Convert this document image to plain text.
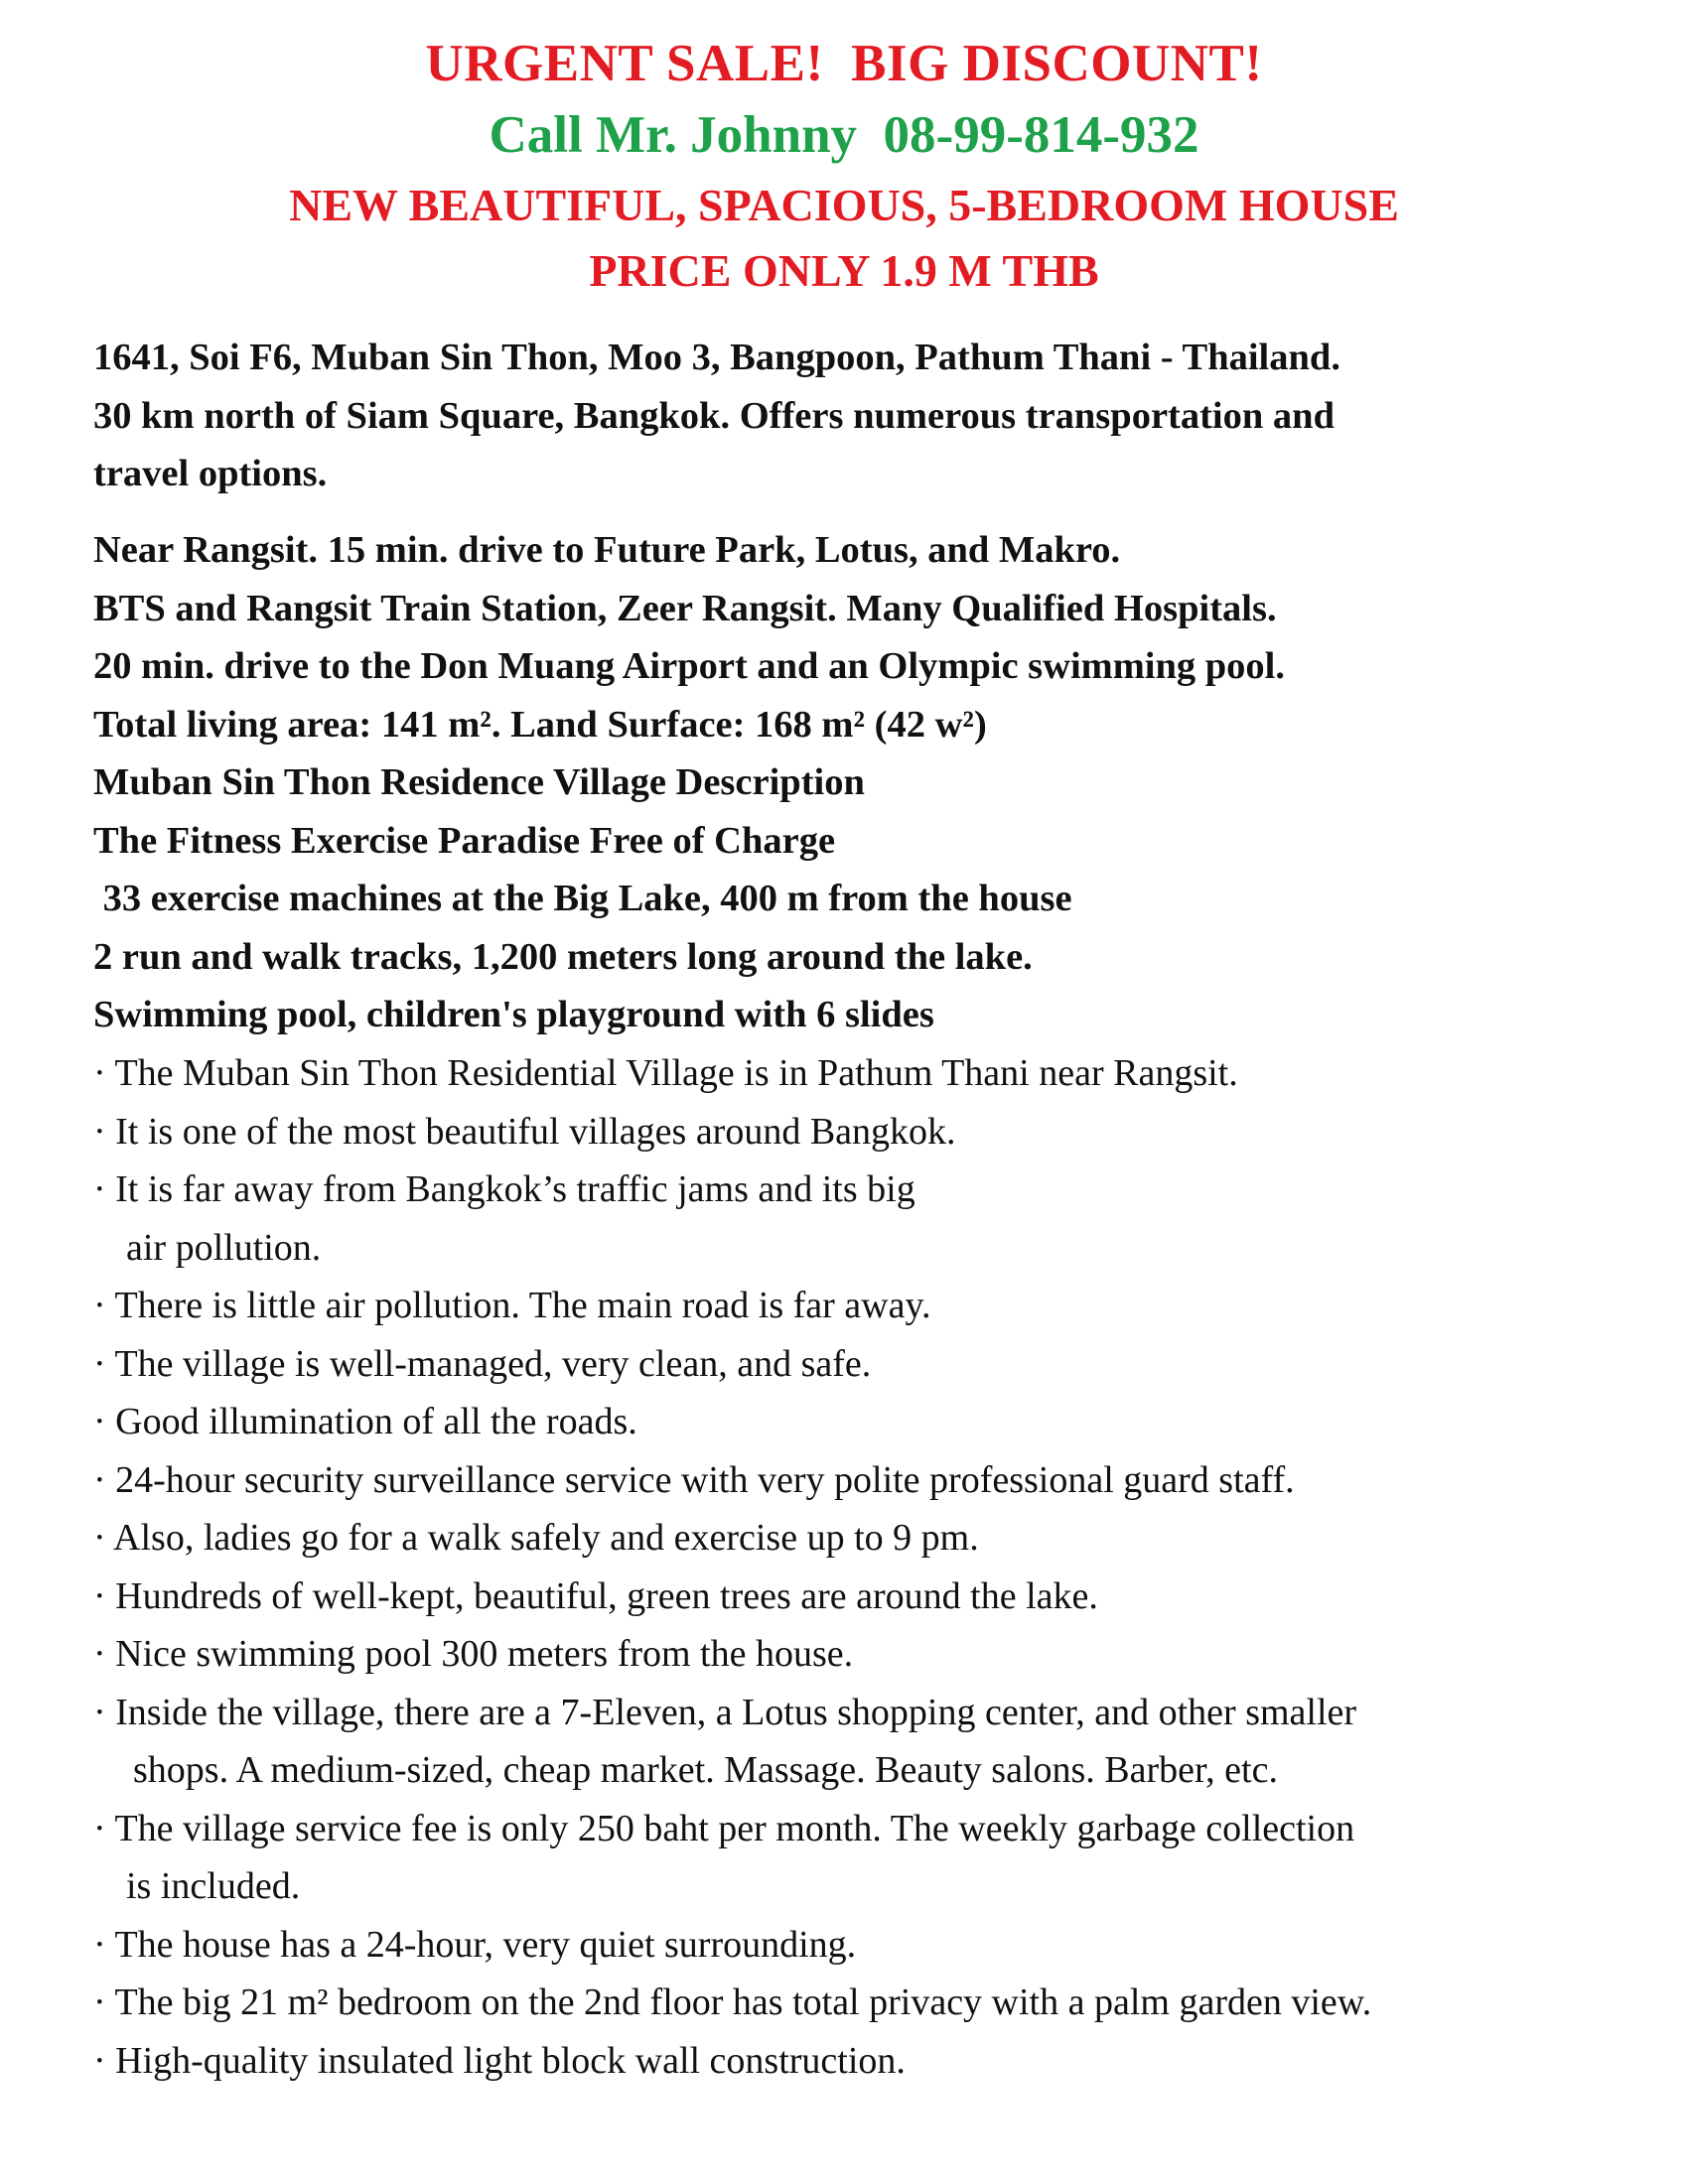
URGENT SALE!  BIG DISCOUNT!
Call Mr. Johnny  08-99-814-932
NEW BEAUTIFUL, SPACIOUS, 5-BEDROOM HOUSE
PRICE ONLY 1.9 M THB
1641, Soi F6, Muban Sin Thon, Moo 3, Bangpoon, Pathum Thani - Thailand.
30 km north of Siam Square, Bangkok. Offers numerous transportation and
travel options.
Near Rangsit. 15 min. drive to Future Park, Lotus, and Makro.
BTS and Rangsit Train Station, Zeer Rangsit. Many Qualified Hospitals.
20 min. drive to the Don Muang Airport and an Olympic swimming pool.
Total living area: 141 m². Land Surface: 168 m² (42 w²)
Muban Sin Thon Residence Village Description
The Fitness Exercise Paradise Free of Charge
33 exercise machines at the Big Lake, 400 m from the house
2 run and walk tracks, 1,200 meters long around the lake.
Swimming pool, children's playground with 6 slides
· The Muban Sin Thon Residential Village is in Pathum Thani near Rangsit.
· It is one of the most beautiful villages around Bangkok.
· It is far away from Bangkok’s traffic jams and its big
air pollution.
· There is little air pollution. The main road is far away.
· The village is well-managed, very clean, and safe.
· Good illumination of all the roads.
· 24-hour security surveillance service with very polite professional guard staff.
· Also, ladies go for a walk safely and exercise up to 9 pm.
· Hundreds of well-kept, beautiful, green trees are around the lake.
· Nice swimming pool 300 meters from the house.
· Inside the village, there are a 7-Eleven, a Lotus shopping center, and other smaller
shops. A medium-sized, cheap market. Massage. Beauty salons. Barber, etc.
· The village service fee is only 250 baht per month. The weekly garbage collection
is included.
· The house has a 24-hour, very quiet surrounding.
· The big 21 m² bedroom on the 2nd floor has total privacy with a palm garden view.
· High-quality insulated light block wall construction.
